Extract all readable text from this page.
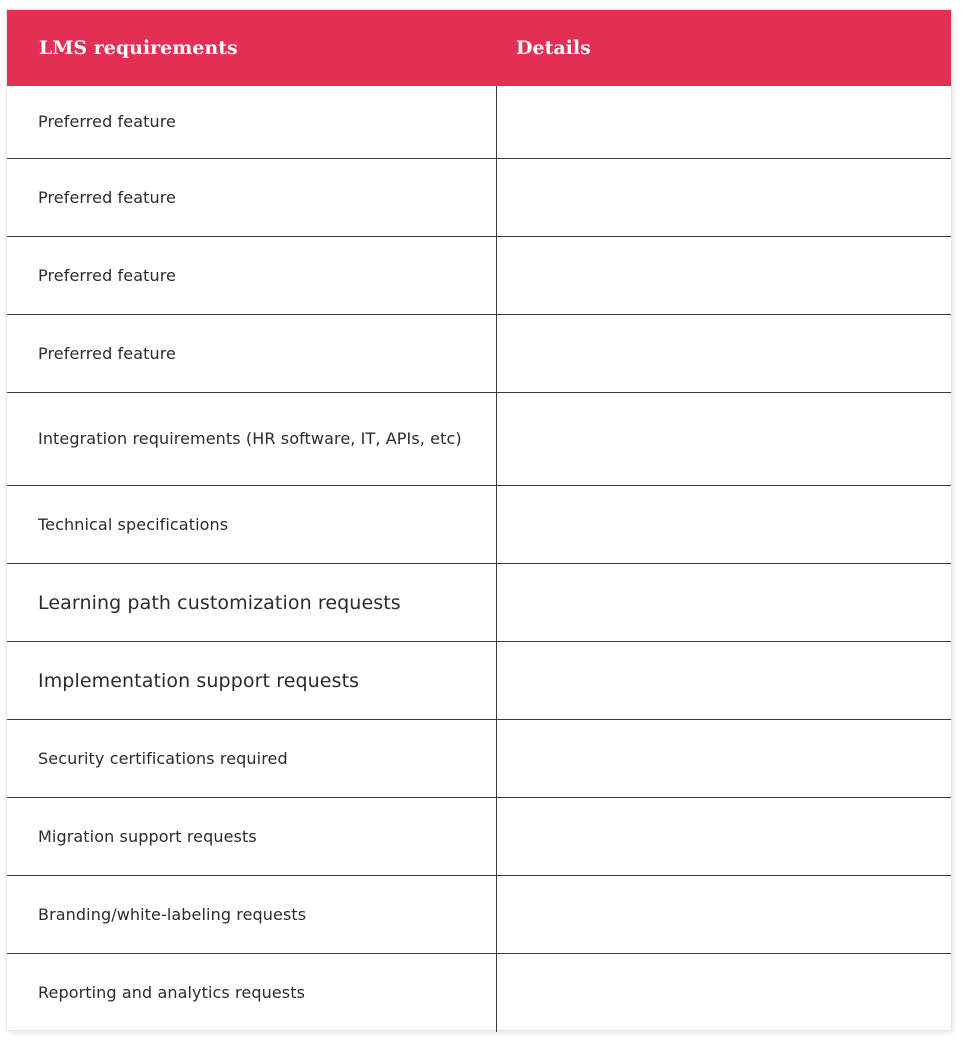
LMS requirements	Details
Preferred feature
Preferred feature
Preferred feature
Preferred feature
Integration requirements (HR software, IT, APIs, etc)
Technical specifications
Learning path customization requests
Implementation support requests
Security certifications required
Migration support requests
Branding/white-labeling requests
Reporting and analytics requests
